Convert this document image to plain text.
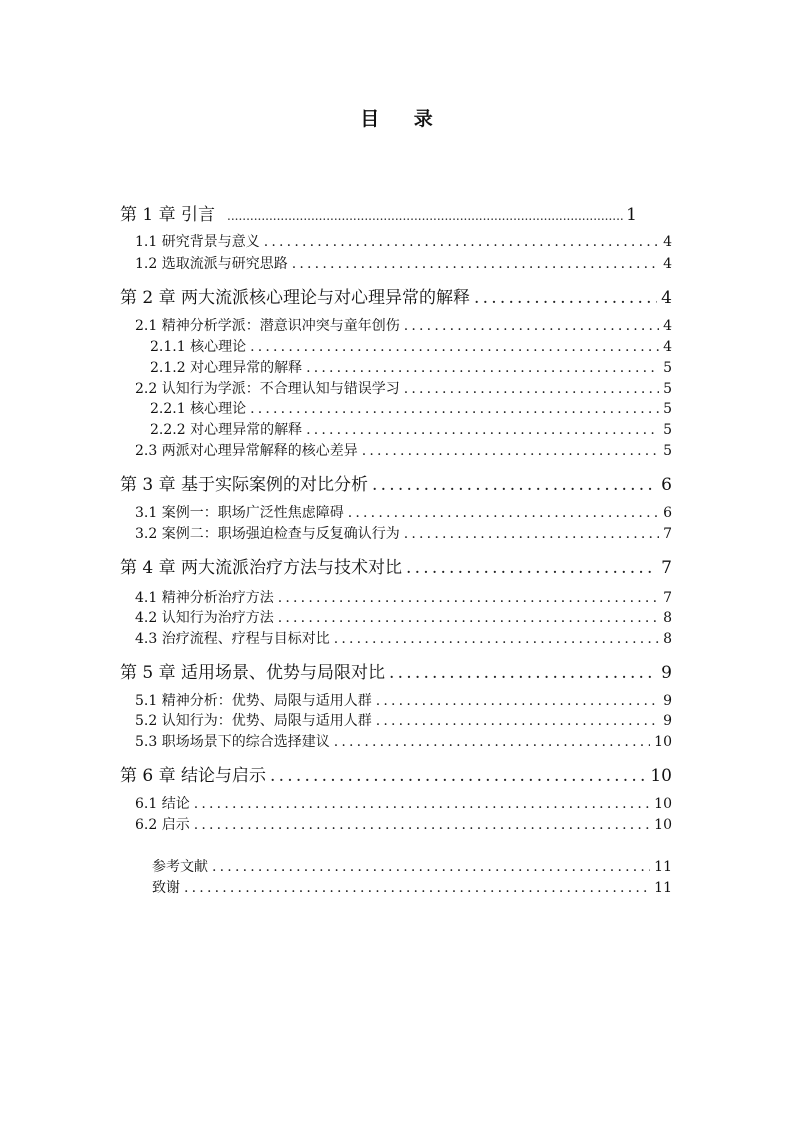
目 录
第 1 章 引言 .....	1
1.1 研究背景与意义 .....	4
1.2 选取流派与研究思路 .....	4
第 2 章 两大流派核心理论与对心理异常的解释 .....	4
2.1 精神分析学派：潜意识冲突与童年创伤 .....	4
2.1.1 核心理论 .....	4
2.1.2 对心理异常的解释 .....	5
2.2 认知行为学派：不合理认知与错误学习 .....	5
2.2.1 核心理论 .....	5
2.2.2 对心理异常的解释 .....	5
2.3 两派对心理异常解释的核心差异 .....	5
第 3 章 基于实际案例的对比分析 .....	6
3.1 案例一：职场广泛性焦虑障碍 .....	6
3.2 案例二：职场强迫检查与反复确认行为 .....	7
第 4 章 两大流派治疗方法与技术对比 .....	7
4.1 精神分析治疗方法 .....	7
4.2 认知行为治疗方法 .....	8
4.3 治疗流程、疗程与目标对比 .....	8
第 5 章 适用场景、优势与局限对比 .....	9
5.1 精神分析：优势、局限与适用人群 .....	9
5.2 认知行为：优势、局限与适用人群 .....	9
5.3 职场场景下的综合选择建议 .....	10
第 6 章 结论与启示 .....	10
6.1 结论 .....	10
6.2 启示 .....	10
参考文献 .....	11
致谢 .....	11
